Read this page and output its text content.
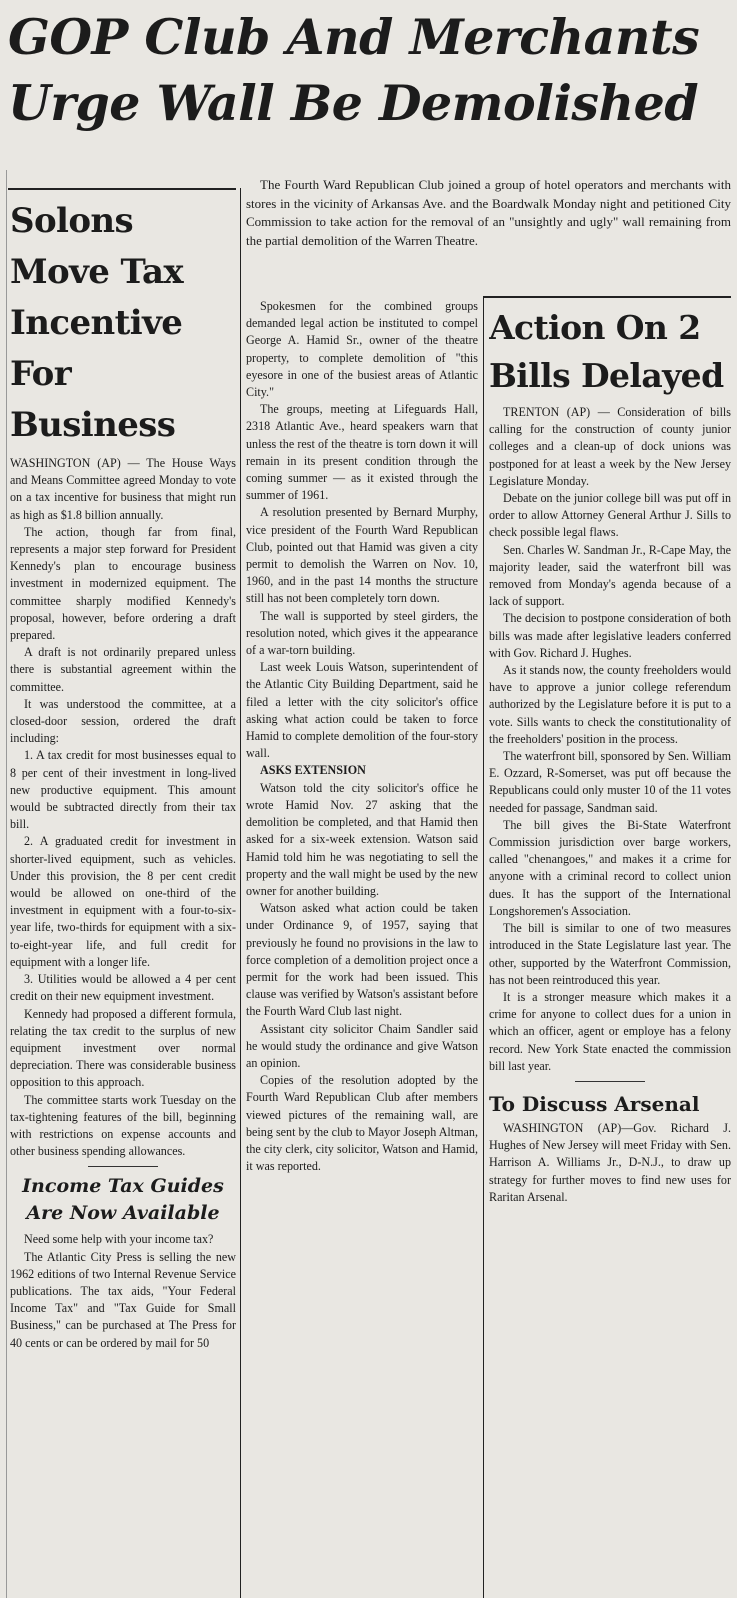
GOP Club And Merchants
Urge Wall Be Demolished
Solons Move Tax Incentive For Business

WASHINGTON (AP) — The House Ways and Means Committee agreed Monday to vote on a tax incentive for business that might run as high as $1.8 billion annually.

The action, though far from final, represents a major step forward for President Kennedy's plan to encourage business investment in modernized equipment. The committee sharply modified Kennedy's proposal, however, before ordering a draft prepared.

A draft is not ordinarily prepared unless there is substantial agreement within the committee.

It was understood the committee, at a closed-door session, ordered the draft including:

1. A tax credit for most businesses equal to 8 per cent of their investment in long-lived new productive equipment. This amount would be subtracted directly from their tax bill.

2. A graduated credit for investment in shorter-lived equipment, such as vehicles. Under this provision, the 8 per cent credit would be allowed on one-third of the investment in equipment with a four-to-six-year life, two-thirds for equipment with a six-to-eight-year life, and full credit for equipment with a longer life.

3. Utilities would be allowed a 4 per cent credit on their new equipment investment.

Kennedy had proposed a different formula, relating the tax credit to the surplus of new equipment investment over normal depreciation. There was considerable business opposition to this approach.

The committee starts work Tuesday on the tax-tightening features of the bill, beginning with restrictions on expense accounts and other business spending allowances.

Income Tax Guides Are Now Available

Need some help with your income tax?

The Atlantic City Press is selling the new 1962 editions of two Internal Revenue Service publications. The tax aids, "Your Federal Income Tax" and "Tax Guide for Small Business," can be purchased at The Press for 40 cents or can be ordered by mail for 50

The Fourth Ward Republican Club joined a group of hotel operators and merchants with stores in the vicinity of Arkansas Ave. and the Boardwalk Monday night and petitioned City Commission to take action for the removal of an "unsightly and ugly" wall remaining from the partial demolition of the Warren Theatre.

Spokesmen for the combined groups demanded legal action be instituted to compel George A. Hamid Sr., owner of the theatre property, to complete demolition of "this eyesore in one of the busiest areas of Atlantic City."

The groups, meeting at Lifeguards Hall, 2318 Atlantic Ave., heard speakers warn that unless the rest of the theatre is torn down it will remain in its present condition through the coming summer — as it existed through the summer of 1961.

A resolution presented by Bernard Murphy, vice president of the Fourth Ward Republican Club, pointed out that Hamid was given a city permit to demolish the Warren on Nov. 10, 1960, and in the past 14 months the structure still has not been completely torn down.

The wall is supported by steel girders, the resolution noted, which gives it the appearance of a war-torn building.

Last week Louis Watson, superintendent of the Atlantic City Building Department, said he filed a letter with the city solicitor's office asking what action could be taken to force Hamid to complete demolition of the four-story wall.

ASKS EXTENSION

Watson told the city solicitor's office he wrote Hamid Nov. 27 asking that the demolition be completed, and that Hamid then asked for a six-week extension. Watson said Hamid told him he was negotiating to sell the property and the wall might be used by the new owner for another building.

Watson asked what action could be taken under Ordinance 9, of 1957, saying that previously he found no provisions in the law to force completion of a demolition project once a permit for the work had been issued. This clause was verified by Watson's assistant before the Fourth Ward Club last night.

Assistant city solicitor Chaim Sandler said he would study the ordinance and give Watson an opinion.

Copies of the resolution adopted by the Fourth Ward Republican Club after members viewed pictures of the remaining wall, are being sent by the club to Mayor Joseph Altman, the city clerk, city solicitor, Watson and Hamid, it was reported.

Action On 2 Bills Delayed

TRENTON (AP) — Consideration of bills calling for the construction of county junior colleges and a clean-up of dock unions was postponed for at least a week by the New Jersey Legislature Monday.

Debate on the junior college bill was put off in order to allow Attorney General Arthur J. Sills to check possible legal flaws.

Sen. Charles W. Sandman Jr., R-Cape May, the majority leader, said the waterfront bill was removed from Monday's agenda because of a lack of support.

The decision to postpone consideration of both bills was made after legislative leaders conferred with Gov. Richard J. Hughes.

As it stands now, the county freeholders would have to approve a junior college referendum authorized by the Legislature before it is put to a vote. Sills wants to check the constitutionality of the freeholders' position in the process.

The waterfront bill, sponsored by Sen. William E. Ozzard, R-Somerset, was put off because the Republicans could only muster 10 of the 11 votes needed for passage, Sandman said.

The bill gives the Bi-State Waterfront Commission jurisdiction over barge workers, called "chenangoes," and makes it a crime for anyone with a criminal record to collect union dues. It has the support of the International Longshoremen's Association.

The bill is similar to one of two measures introduced in the State Legislature last year. The other, supported by the Waterfront Commission, has not been reintroduced this year.

It is a stronger measure which makes it a crime for anyone to collect dues for a union in which an officer, agent or employe has a felony record. New York State enacted the commission bill last year.

To Discuss Arsenal

WASHINGTON (AP)—Gov. Richard J. Hughes of New Jersey will meet Friday with Sen. Harrison A. Williams Jr., D-N.J., to draw up strategy for further moves to find new uses for Raritan Arsenal.
